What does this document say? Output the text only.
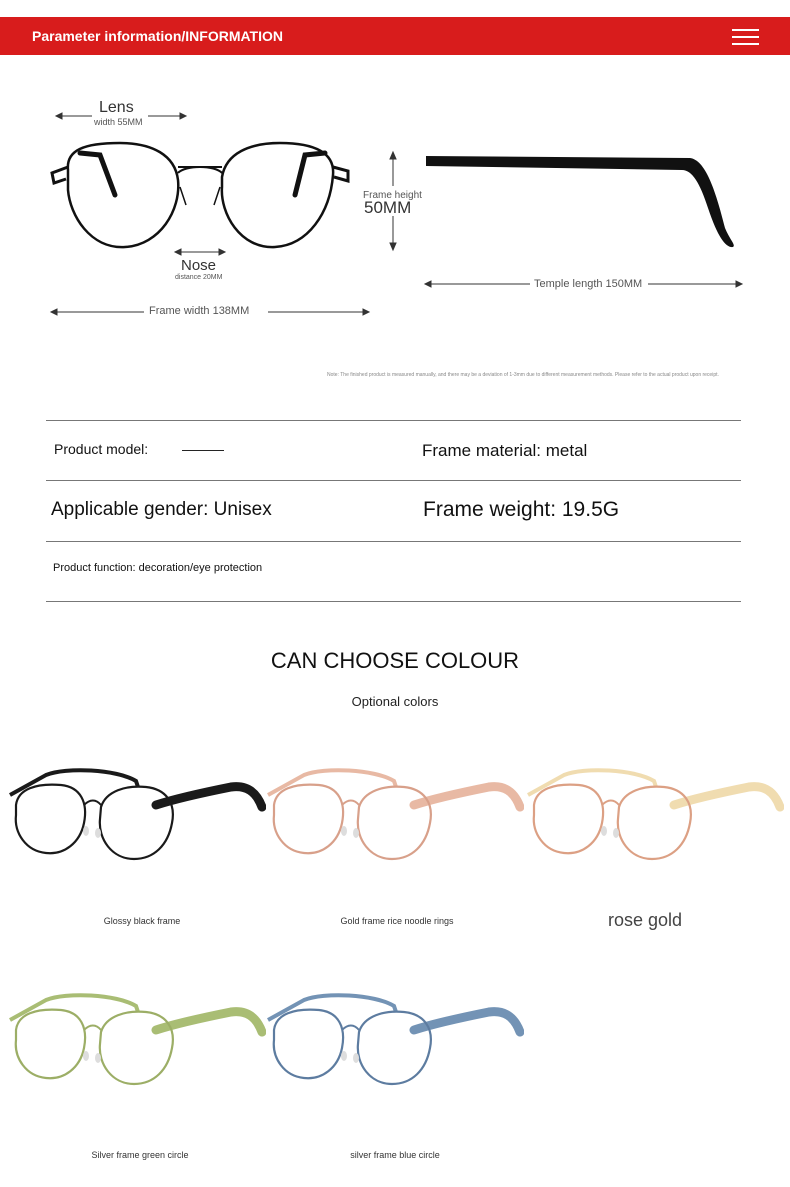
Parameter information/INFORMATION
Lens
width 55MM
Nose
distance 20MM
Frame width 138MM
Frame height
50MM
Temple length 150MM
Note: The finished product is measured manually, and there may be a deviation of 1-3mm due to different measurement methods. Please refer to the actual product upon receipt.
Product model: ———	Frame material: metal
Applicable gender: Unisex	Frame weight: 19.5G
Product function: decoration/eye protection
CAN CHOOSE COLOUR
Optional colors
Glossy black frame	Gold frame rice noodle rings	rose gold
Silver frame green circle	silver frame blue circle
